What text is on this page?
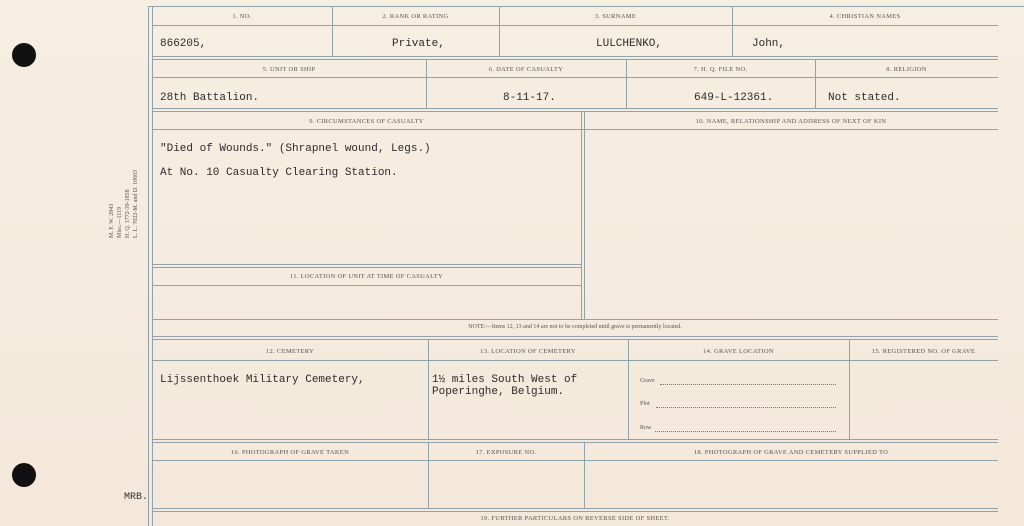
M. F. W. 2843 Misc.—1119 H. Q. 1772-39-1858 L. L. 7022-M. and D. 10603
1. NO.	2. RANK OR RATING	3. SURNAME	4. CHRISTIAN NAMES
866205,	Private,	LULCHENKO,	John,
5. UNIT OR SHIP	6. DATE OF CASUALTY	7. H. Q. FILE NO.	8. RELIGION
28th Battalion.	8-11-17.	649-L-12361.	Not stated.
9. CIRCUMSTANCES OF CASUALTY	10. NAME, RELATIONSHIP AND ADDRESS OF NEXT OF KIN
"Died of Wounds." (Shrapnel wound, Legs.)
At No. 10 Casualty Clearing Station.
11. LOCATION OF UNIT AT TIME OF CASUALTY
NOTE:—Items 12, 13 and 14 are not to be completed until grave is permanently located.
12. CEMETERY	13. LOCATION OF CEMETERY	14. GRAVE LOCATION	15. REGISTERED NO. OF GRAVE
Lijssenthoek Military Cemetery,	1½ miles South West of
Poperinghe, Belgium.
Grave
Plot
Row
16. PHOTOGRAPH OF GRAVE TAKEN	17. EXPOSURE NO.	18. PHOTOGRAPH OF GRAVE AND CEMETERY SUPPLIED TO
19. FURTHER PARTICULARS ON REVERSE SIDE OF SHEET.
MRB.
